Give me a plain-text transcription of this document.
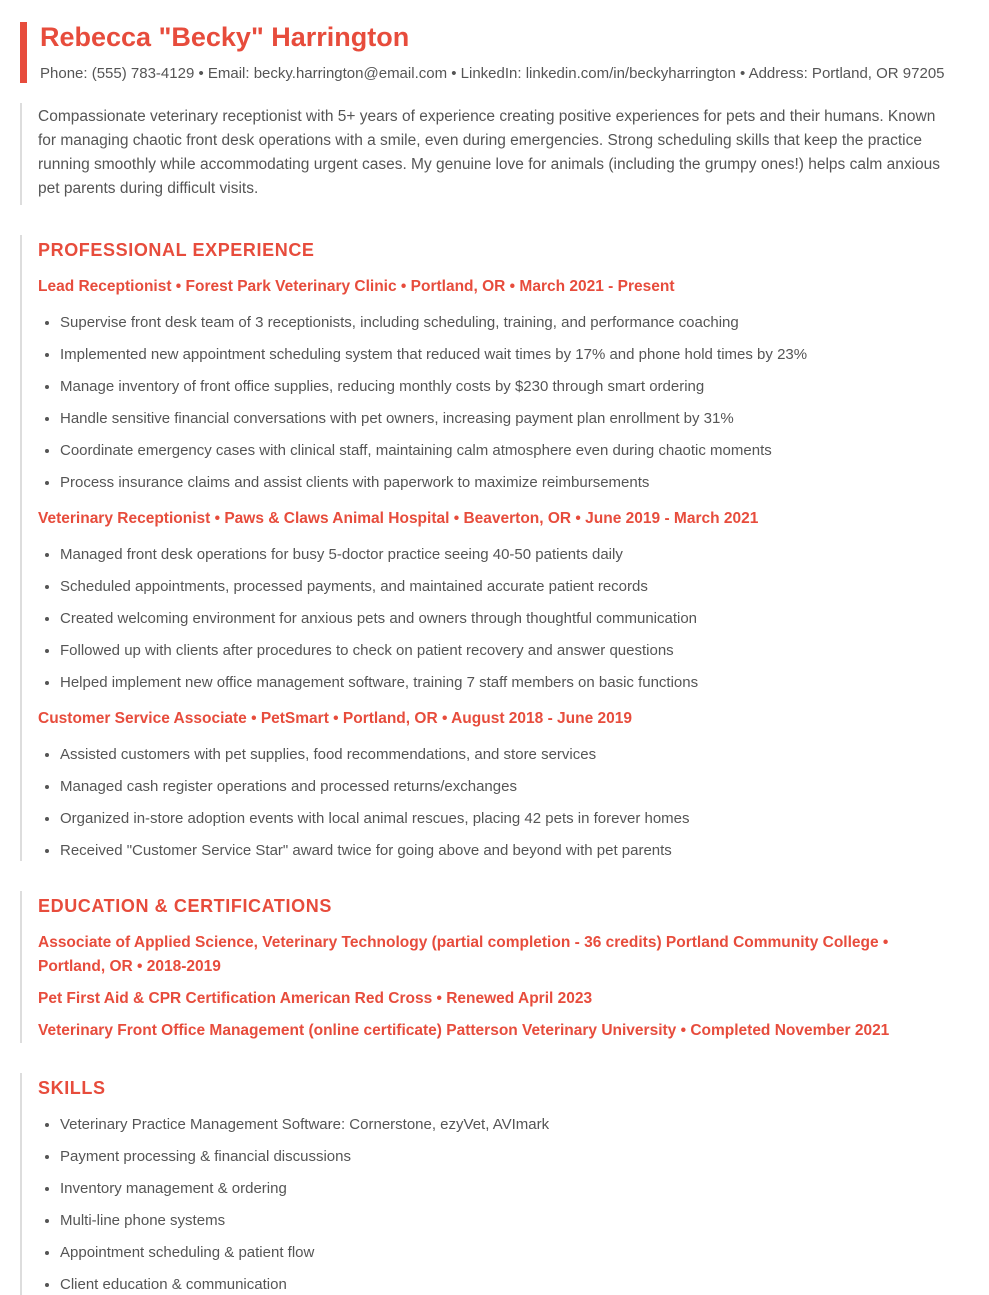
Rebecca "Becky" Harrington

Phone: (555) 783-4129 • Email: becky.harrington@email.com • LinkedIn: linkedin.com/in/beckyharrington • Address: Portland, OR 97205

Compassionate veterinary receptionist with 5+ years of experience creating positive experiences for pets and their humans. Known for managing chaotic front desk operations with a smile, even during emergencies. Strong scheduling skills that keep the practice running smoothly while accommodating urgent cases. My genuine love for animals (including the grumpy ones!) helps calm anxious pet parents during difficult visits.

PROFESSIONAL EXPERIENCE
Lead Receptionist • Forest Park Veterinary Clinic • Portland, OR • March 2021 - Present
• Supervise front desk team of 3 receptionists, including scheduling, training, and performance coaching
• Implemented new appointment scheduling system that reduced wait times by 17% and phone hold times by 23%
• Manage inventory of front office supplies, reducing monthly costs by $230 through smart ordering
• Handle sensitive financial conversations with pet owners, increasing payment plan enrollment by 31%
• Coordinate emergency cases with clinical staff, maintaining calm atmosphere even during chaotic moments
• Process insurance claims and assist clients with paperwork to maximize reimbursements
Veterinary Receptionist • Paws & Claws Animal Hospital • Beaverton, OR • June 2019 - March 2021
• Managed front desk operations for busy 5-doctor practice seeing 40-50 patients daily
• Scheduled appointments, processed payments, and maintained accurate patient records
• Created welcoming environment for anxious pets and owners through thoughtful communication
• Followed up with clients after procedures to check on patient recovery and answer questions
• Helped implement new office management software, training 7 staff members on basic functions
Customer Service Associate • PetSmart • Portland, OR • August 2018 - June 2019
• Assisted customers with pet supplies, food recommendations, and store services
• Managed cash register operations and processed returns/exchanges
• Organized in-store adoption events with local animal rescues, placing 42 pets in forever homes
• Received "Customer Service Star" award twice for going above and beyond with pet parents
EDUCATION & CERTIFICATIONS
Associate of Applied Science, Veterinary Technology (partial completion - 36 credits) Portland Community College • Portland, OR • 2018-2019
Pet First Aid & CPR Certification American Red Cross • Renewed April 2023
Veterinary Front Office Management (online certificate) Patterson Veterinary University • Completed November 2021
SKILLS
• Veterinary Practice Management Software: Cornerstone, ezyVet, AVImark
• Payment processing & financial discussions
• Inventory management & ordering
• Multi-line phone systems
• Appointment scheduling & patient flow
• Client education & communication
